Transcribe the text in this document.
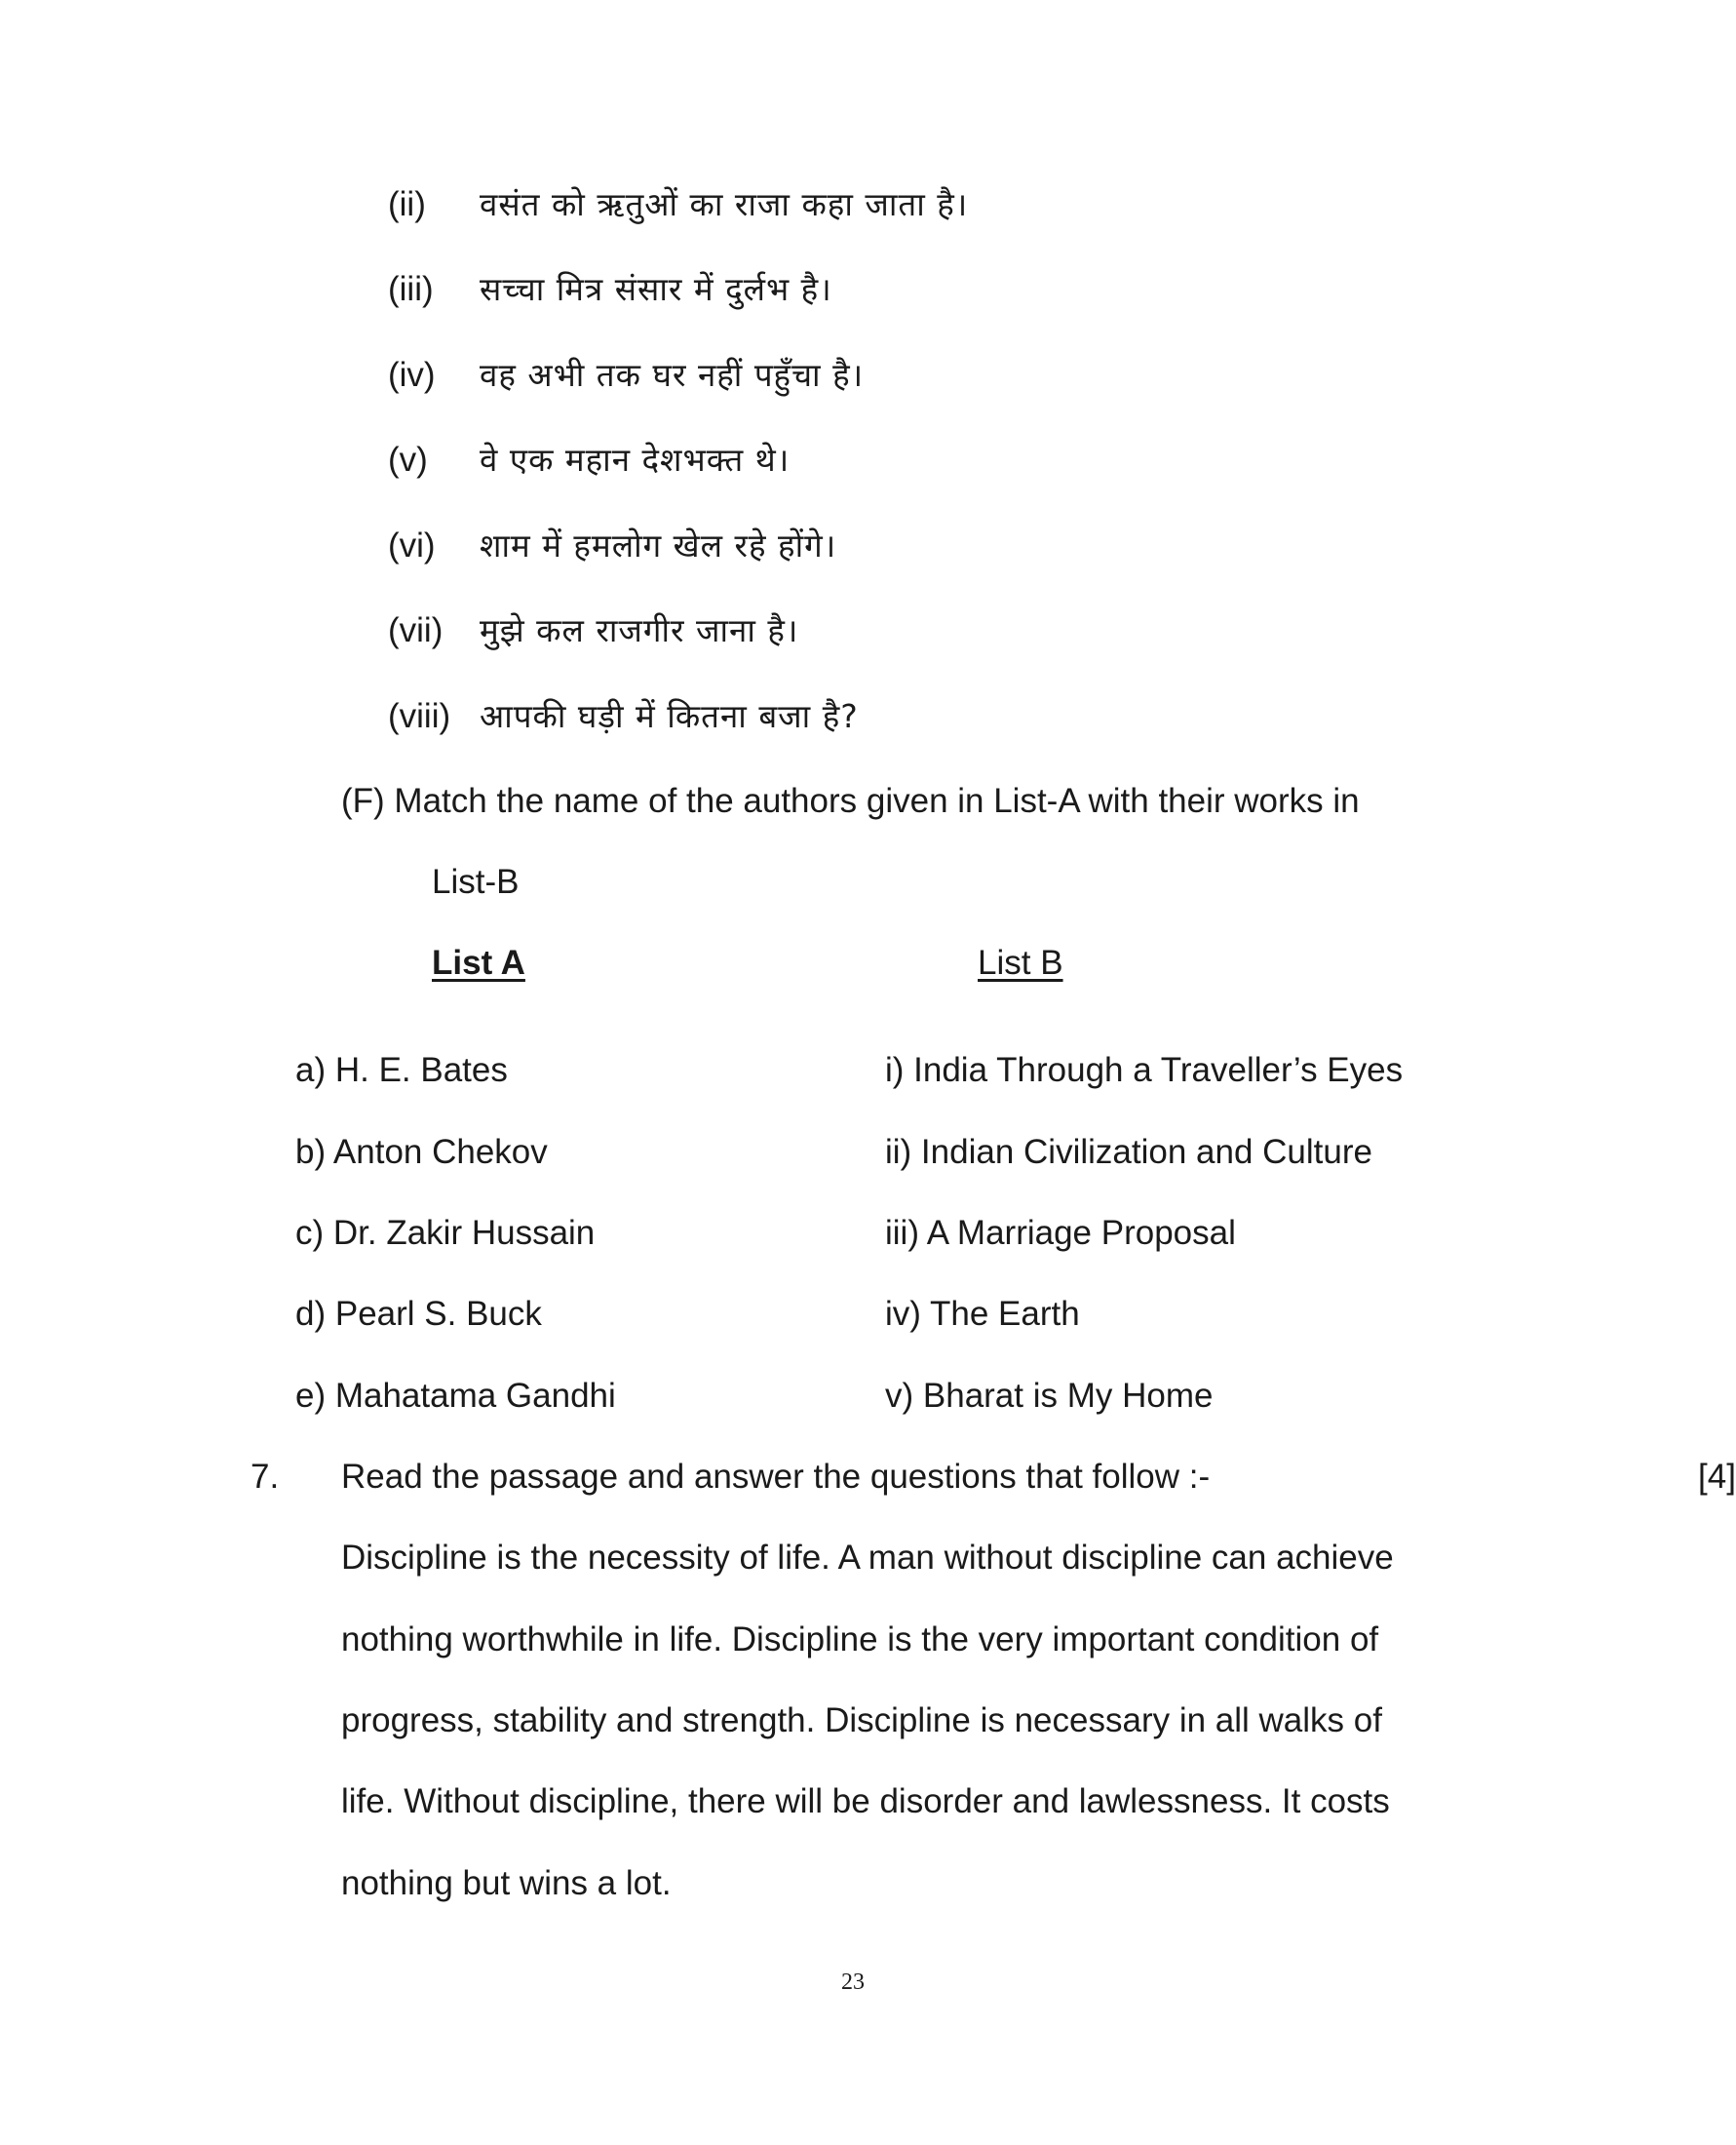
(ii) वसंत को ऋतुओं का राजा कहा जाता है।
(iii) सच्चा मित्र संसार में दुर्लभ है।
(iv) वह अभी तक घर नहीं पहुँचा है।
(v) वे एक महान देशभक्त थे।
(vi) शाम में हमलोग खेल रहे होंगे।
(vii) मुझे कल राजगीर जाना है।
(viii) आपकी घड़ी में कितना बजा है?
(F) Match the name of the authors given in List-A with their works in
List-B
List A	List B
a) H. E. Bates
b) Anton Chekov
c) Dr. Zakir Hussain
d) Pearl S. Buck
e) Mahatama Gandhi
i) India Through a Traveller’s Eyes
ii) Indian Civilization and Culture
iii) A Marriage Proposal
iv) The Earth
v) Bharat is My Home
7. Read the passage and answer the questions that follow :-	[4]
Discipline is the necessity of life. A man without discipline can achieve
nothing worthwhile in life. Discipline is the very important condition of
progress, stability and strength. Discipline is necessary in all walks of
life. Without discipline, there will be disorder and lawlessness. It costs
nothing but wins a lot.
23
